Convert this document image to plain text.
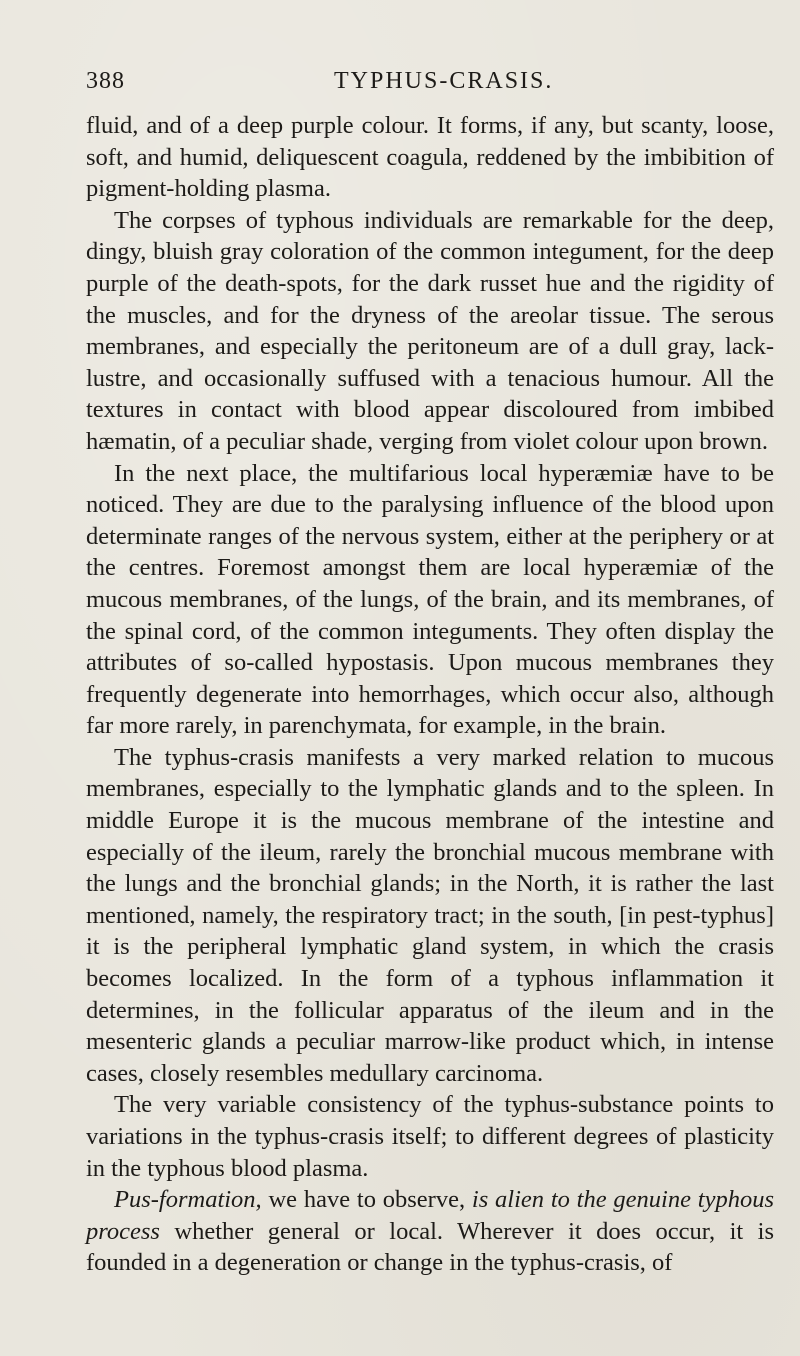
388	TYPHUS-CRASIS.

fluid, and of a deep purple colour. It forms, if any, but scanty, loose, soft, and humid, deliquescent coagula, reddened by the imbibition of pigment-holding plasma.

The corpses of typhous individuals are remarkable for the deep, dingy, bluish gray coloration of the common integument, for the deep purple of the death-spots, for the dark russet hue and the rigidity of the muscles, and for the dryness of the areolar tissue. The serous membranes, and especially the peritoneum are of a dull gray, lack-lustre, and occasionally suffused with a tenacious humour. All the textures in contact with blood appear discoloured from imbibed hæmatin, of a peculiar shade, verging from violet colour upon brown.

In the next place, the multifarious local hyperæmiæ have to be noticed. They are due to the paralysing influence of the blood upon determinate ranges of the nervous system, either at the periphery or at the centres. Foremost amongst them are local hyperæmiæ of the mucous membranes, of the lungs, of the brain, and its membranes, of the spinal cord, of the common integuments. They often display the attributes of so-called hypostasis. Upon mucous membranes they frequently degenerate into hemorrhages, which occur also, although far more rarely, in parenchymata, for example, in the brain.

The typhus-crasis manifests a very marked relation to mucous membranes, especially to the lymphatic glands and to the spleen. In middle Europe it is the mucous membrane of the intestine and especially of the ileum, rarely the bronchial mucous membrane with the lungs and the bronchial glands; in the North, it is rather the last mentioned, namely, the respiratory tract; in the south, [in pest-typhus] it is the peripheral lymphatic gland system, in which the crasis becomes localized. In the form of a typhous inflammation it determines, in the follicular apparatus of the ileum and in the mesenteric glands a peculiar marrow-like product which, in intense cases, closely resembles medullary carcinoma.

The very variable consistency of the typhus-substance points to variations in the typhus-crasis itself; to different degrees of plasticity in the typhous blood plasma.

Pus-formation, we have to observe, is alien to the genuine typhous process whether general or local. Wherever it does occur, it is founded in a degeneration or change in the typhus-crasis, of
